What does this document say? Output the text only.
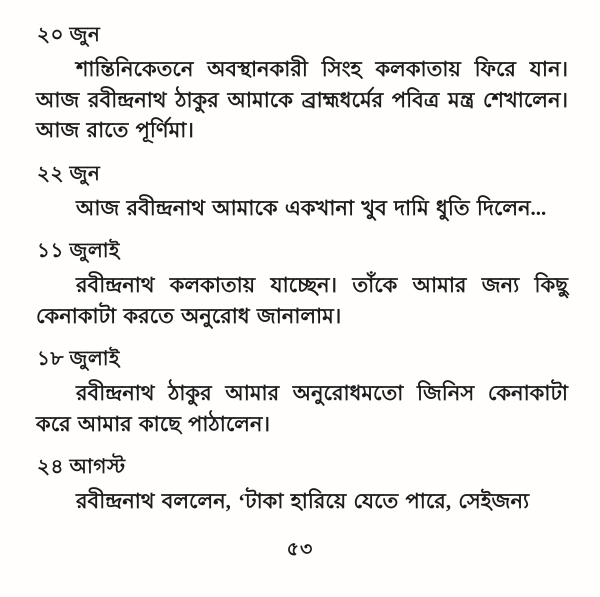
২০ জুন

শান্তিনিকেতনে অবস্থানকারী সিংহ কলকাতায় ফিরে যান। আজ রবীন্দ্রনাথ ঠাকুর আমাকে ব্রাহ্মধর্মের পবিত্র মন্ত্র শেখালেন। আজ রাতে পূর্ণিমা।

২২ জুন

আজ রবীন্দ্রনাথ আমাকে একখানা খুব দামি ধুতি দিলেন...

১১ জুলাই

রবীন্দ্রনাথ কলকাতায় যাচ্ছেন। তাঁকে আমার জন্য কিছু কেনাকাটা করতে অনুরোধ জানালাম।

১৮ জুলাই

রবীন্দ্রনাথ ঠাকুর আমার অনুরোধমতো জিনিস কেনাকাটা করে আমার কাছে পাঠালেন।

২৪ আগস্ট

রবীন্দ্রনাথ বললেন, ‘টাকা হারিয়ে যেতে পারে, সেইজন্য

৫৩
